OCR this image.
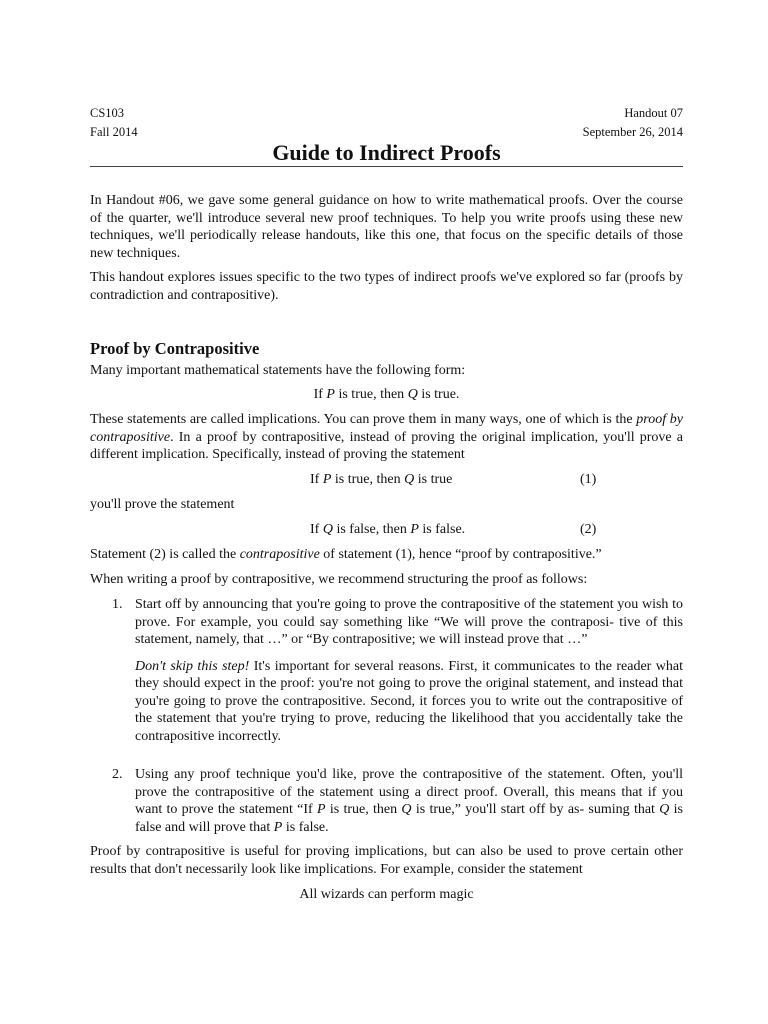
CS103	Handout 07
Fall 2014	September 26, 2014
Guide to Indirect Proofs
In Handout #06, we gave some general guidance on how to write mathematical proofs. Over the course of the quarter, we'll introduce several new proof techniques. To help you write proofs using these new techniques, we'll periodically release handouts, like this one, that focus on the specific details of those new techniques.
This handout explores issues specific to the two types of indirect proofs we've explored so far (proofs by contradiction and contrapositive).
Proof by Contrapositive
Many important mathematical statements have the following form:
If P is true, then Q is true.
These statements are called implications. You can prove them in many ways, one of which is the proof by contrapositive. In a proof by contrapositive, instead of proving the original implication, you'll prove a different implication. Specifically, instead of proving the statement
If P is true, then Q is true	(1)
you'll prove the statement
If Q is false, then P is false.	(2)
Statement (2) is called the contrapositive of statement (1), hence “proof by contrapositive.”
When writing a proof by contrapositive, we recommend structuring the proof as follows:
1. Start off by announcing that you're going to prove the contrapositive of the statement you wish to prove. For example, you could say something like “We will prove the contraposi- tive of this statement, namely, that …” or “By contrapositive; we will instead prove that …”

Don't skip this step! It's important for several reasons. First, it communicates to the reader what they should expect in the proof: you're not going to prove the original statement, and instead that you're going to prove the contrapositive. Second, it forces you to write out the contrapositive of the statement that you're trying to prove, reducing the likelihood that you accidentally take the contrapositive incorrectly.

2. Using any proof technique you'd like, prove the contrapositive of the statement. Often, you'll prove the contrapositive of the statement using a direct proof. Overall, this means that if you want to prove the statement “If P is true, then Q is true,” you'll start off by as- suming that Q is false and will prove that P is false.

Proof by contrapositive is useful for proving implications, but can also be used to prove certain other results that don't necessarily look like implications. For example, consider the statement
All wizards can perform magic
